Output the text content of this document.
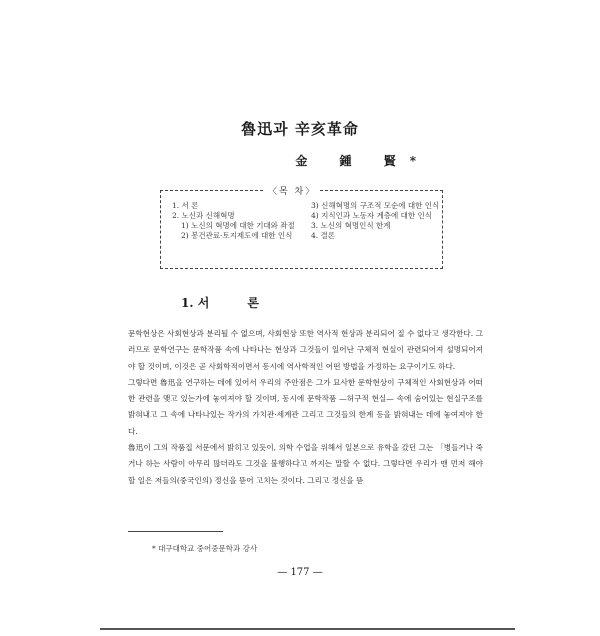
魯迅과 辛亥革命
金 鍾 賢*
〈목 차〉
1. 서 론
2. 노신과 신해혁명
1) 노신의 혁명에 대한 기대와 좌절
2) 봉건관료·토지제도에 대한 인식
3) 신해혁명의 구조적 모순에 대한 인식
4) 지식인과 노동자 계층에 대한 인식
3. 노신의 혁명인식 한계
4. 결론
1. 서	론

문학현상은 사회현상과 분리될 수 없으며, 사회현상 또한 역사적 현상과 분리되어 질 수 없다고 생각한다. 그러므로 문학연구는 문학작품 속에 나타나는 현상과 그것들이 일어난 구체적 현실이 관련되어져 설명되어져야 할 것이며, 이것은 곧 사회학적이면서 동시에 역사학적인 어떤 방법을 가정하는 요구이기도 하다.

그렇다면 魯迅을 연구하는 데에 있어서 우리의 주안점은 그가 묘사한 문학현상이 구체적인 사회현상과 어떠한 관련을 맺고 있는가에 놓여져야 할 것이며, 동시에 문학작품 —허구적 현실— 속에 숨어있는 현실구조를 밝혀내고 그 속에 나타나있는 작가의 가치관·세계관 그리고 그것들의 한계 등을 밝혀내는 데에 놓여져야 한다.

魯迅이 그의 작품집 서문에서 밝히고 있듯이, 의학 수업을 위해서 일본으로 유학을 갔던 그는 「병들거나 죽거나 하는 사람이 아무리 많더라도 그것을 불행하다고 까지는 말할 수 없다. 그렇다면 우리가 맨 먼저 해야 할 일은 저들의(중국인의) 정신을 뜯어 고치는 것이다. 그리고 정신을 뜯

* 대구대학교 중어중문학과 강사
— 177 —
